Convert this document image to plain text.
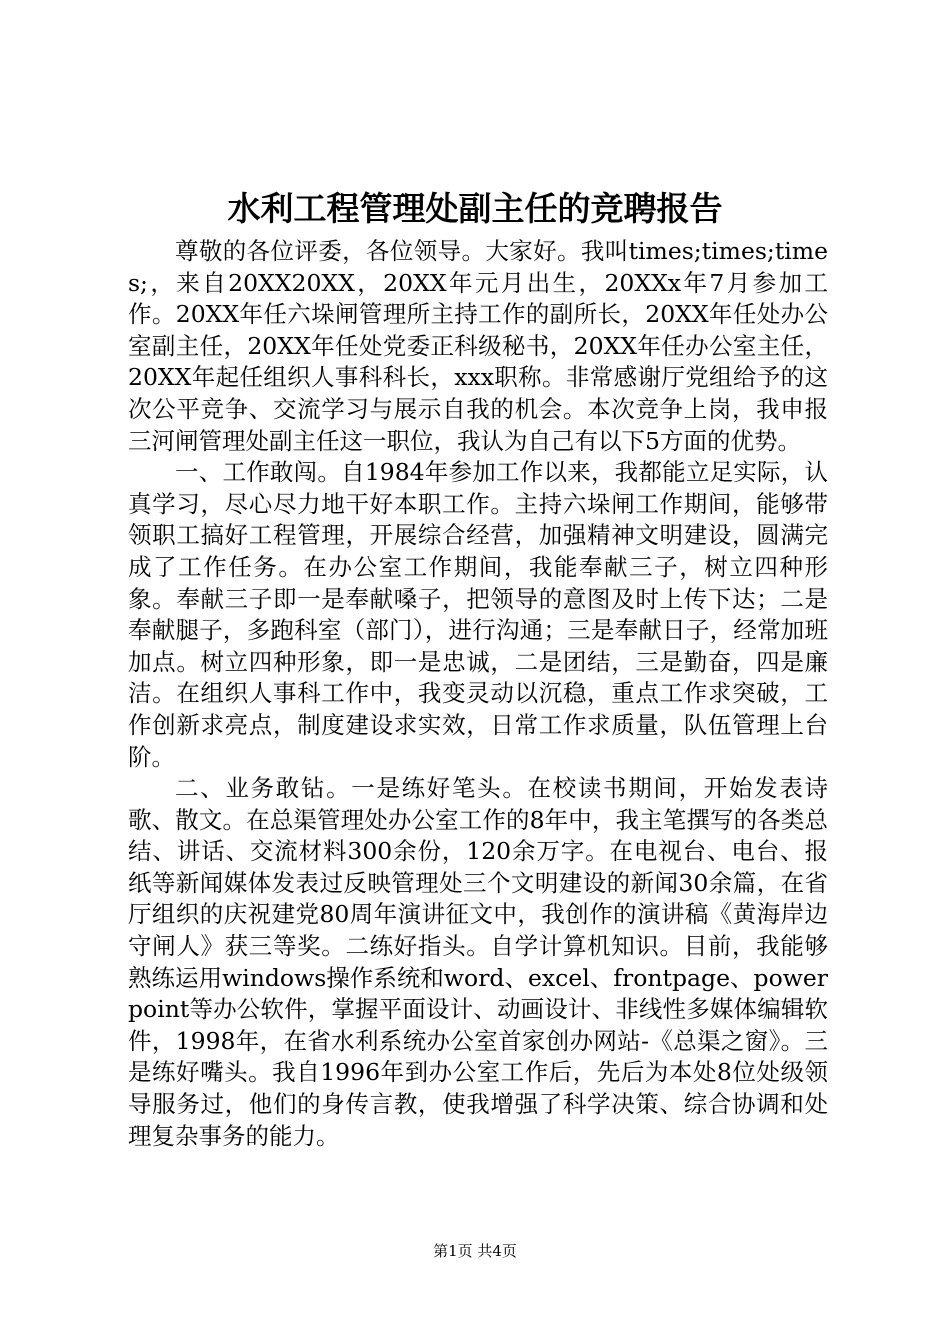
水利工程管理处副主任的竞聘报告

尊敬的各位评委，各位领导。大家好。我叫times;times;times;，来自20XX20XX，20XX年元月出生，20XXx年7月参加工作。20XX年任六垛闸管理所主持工作的副所长，20XX年任处办公室副主任，20XX年任处党委正科级秘书，20XX年任办公室主任，20XX年起任组织人事科科长，xxx职称。非常感谢厅党组给予的这次公平竞争、交流学习与展示自我的机会。本次竞争上岗，我申报三河闸管理处副主任这一职位，我认为自己有以下5方面的优势。

一、工作敢闯。自1984年参加工作以来，我都能立足实际，认真学习，尽心尽力地干好本职工作。主持六垛闸工作期间，能够带领职工搞好工程管理，开展综合经营，加强精神文明建设，圆满完成了工作任务。在办公室工作期间，我能奉献三子，树立四种形象。奉献三子即一是奉献嗓子，把领导的意图及时上传下达；二是奉献腿子，多跑科室（部门），进行沟通；三是奉献日子，经常加班加点。树立四种形象，即一是忠诚，二是团结，三是勤奋，四是廉洁。在组织人事科工作中，我变灵动以沉稳，重点工作求突破，工作创新求亮点，制度建设求实效，日常工作求质量，队伍管理上台阶。

二、业务敢钻。一是练好笔头。在校读书期间，开始发表诗歌、散文。在总渠管理处办公室工作的8年中，我主笔撰写的各类总结、讲话、交流材料300余份，120余万字。在电视台、电台、报纸等新闻媒体发表过反映管理处三个文明建设的新闻30余篇，在省厅组织的庆祝建党80周年演讲征文中，我创作的演讲稿《黄海岸边守闸人》获三等奖。二练好指头。自学计算机知识。目前，我能够熟练运用windows操作系统和word、excel、frontpage、powerpoint等办公软件，掌握平面设计、动画设计、非线性多媒体编辑软件，1998年，在省水利系统办公室首家创办网站-《总渠之窗》。三是练好嘴头。我自1996年到办公室工作后，先后为本处8位处级领导服务过，他们的身传言教，使我增强了科学决策、综合协调和处理复杂事务的能力。

第1页 共4页
